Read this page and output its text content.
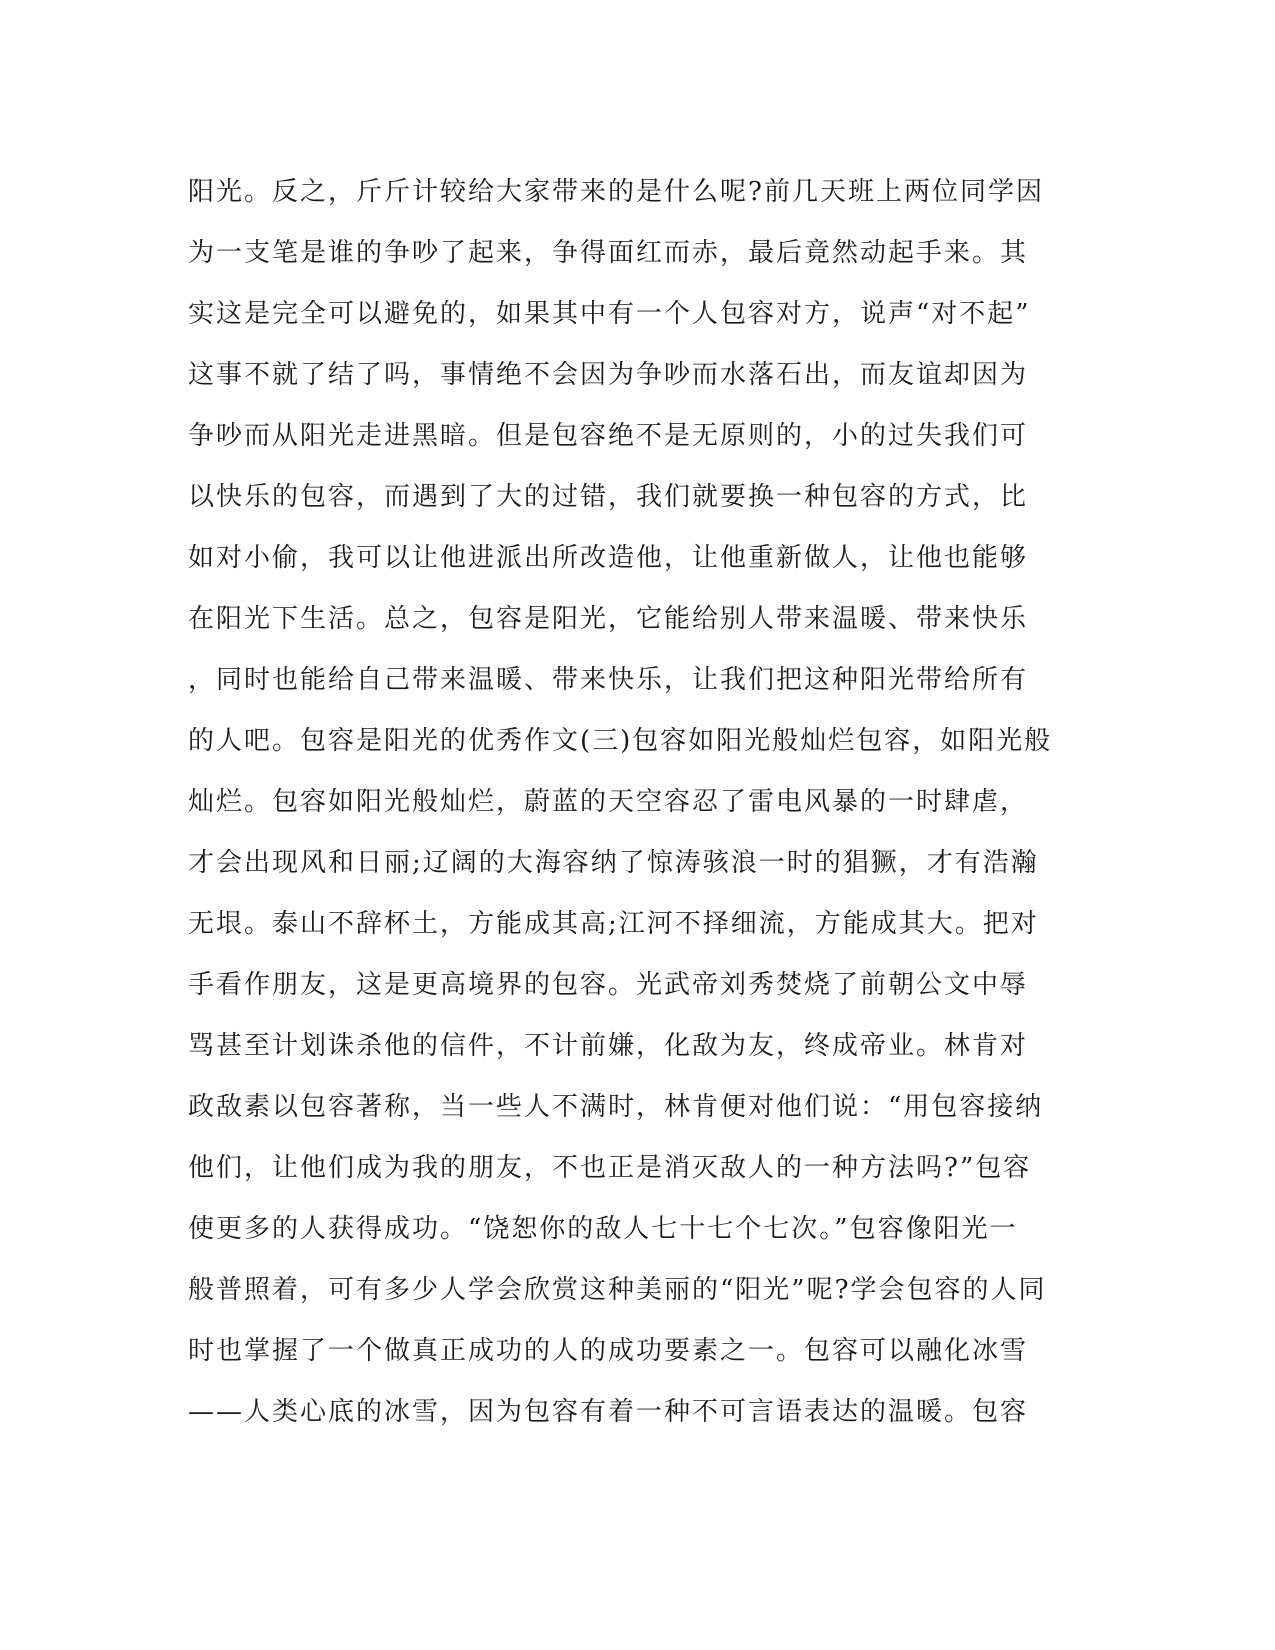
阳光。反之，斤斤计较给大家带来的是什么呢?前几天班上两位同学因
为一支笔是谁的争吵了起来，争得面红而赤，最后竟然动起手来。其
实这是完全可以避免的，如果其中有一个人包容对方，说声“对不起”
这事不就了结了吗，事情绝不会因为争吵而水落石出，而友谊却因为
争吵而从阳光走进黑暗。但是包容绝不是无原则的，小的过失我们可
以快乐的包容，而遇到了大的过错，我们就要换一种包容的方式，比
如对小偷，我可以让他进派出所改造他，让他重新做人，让他也能够
在阳光下生活。总之，包容是阳光，它能给别人带来温暖、带来快乐
，同时也能给自己带来温暖、带来快乐，让我们把这种阳光带给所有
的人吧。包容是阳光的优秀作文(三)包容如阳光般灿烂包容，如阳光般
灿烂。包容如阳光般灿烂，蔚蓝的天空容忍了雷电风暴的一时肆虐，
才会出现风和日丽;辽阔的大海容纳了惊涛骇浪一时的猖獗，才有浩瀚
无垠。泰山不辞杯土，方能成其高;江河不择细流，方能成其大。把对
手看作朋友，这是更高境界的包容。光武帝刘秀焚烧了前朝公文中辱
骂甚至计划诛杀他的信件，不计前嫌，化敌为友，终成帝业。林肯对
政敌素以包容著称，当一些人不满时，林肯便对他们说：“用包容接纳
他们，让他们成为我的朋友，不也正是消灭敌人的一种方法吗?”包容
使更多的人获得成功。“饶恕你的敌人七十七个七次。”包容像阳光一
般普照着，可有多少人学会欣赏这种美丽的“阳光”呢?学会包容的人同
时也掌握了一个做真正成功的人的成功要素之一。包容可以融化冰雪
——人类心底的冰雪，因为包容有着一种不可言语表达的温暖。包容
